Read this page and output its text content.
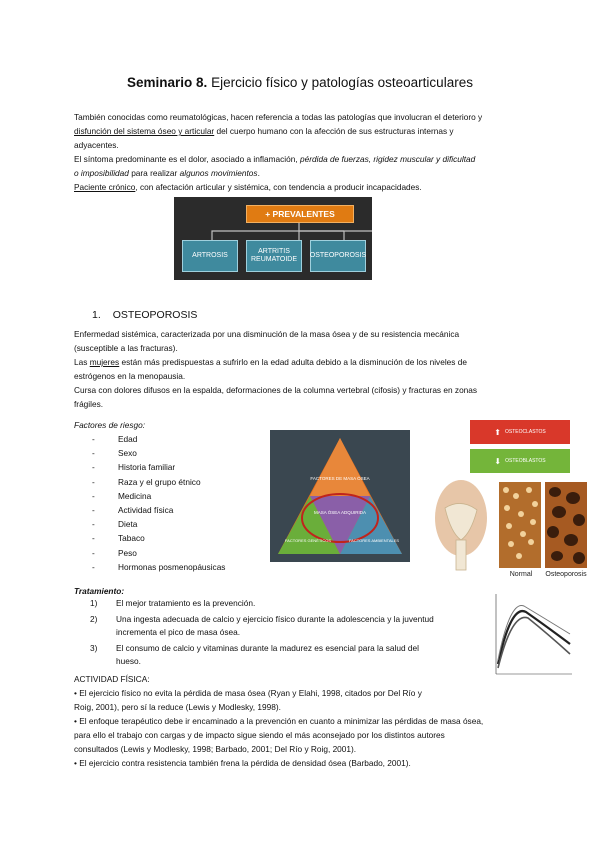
Seminario 8. Ejercicio físico y patologías osteoarticulares
También conocidas como reumatológicas, hacen referencia a todas las patologías que involucran el deterioro y
disfunción del sistema óseo y articular del cuerpo humano con la afección de sus estructuras internas y
adyacentes.
El síntoma predominante es el dolor, asociado a inflamación, pérdida de fuerzas, rigidez muscular y dificultad
o imposibilidad para realizar algunos movimientos.
Paciente crónico, con afectación articular y sistémica, con tendencia a producir incapacidades.
+ PREVALENTES
ARTROSIS
ARTRITIS REUMATOIDE
OSTEOPOROSIS
1. OSTEOPOROSIS
Enfermedad sistémica, caracterizada por una disminución de la masa ósea y de su resistencia mecánica
(susceptible a las fracturas).
Las mujeres están más predispuestas a sufrirlo en la edad adulta debido a la disminución de los niveles de
estrógenos en la menopausia.
Cursa con dolores difusos en la espalda, deformaciones de la columna vertebral (cifosis) y fracturas en zonas
frágiles.
Factores de riesgo:
- Edad
- Sexo
- Historia familiar
- Raza y el grupo étnico
- Medicina
- Actividad física
- Dieta
- Tabaco
- Peso
- Hormonas posmenopáusicas
FACTORES DE MASA ÓSEA
MASA ÓSEA ADQUIRIDA
FACTORES GENÉTICOS	FACTORES AMBIENTALES
⬆ OSTEOCLASTOS
⬇ OSTEOBLASTOS
Normal Osteoporosis
Tratamiento:
1) El mejor tratamiento es la prevención.
2) Una ingesta adecuada de calcio y ejercicio físico durante la adolescencia y la juventud
incrementa el pico de masa ósea.
3) El consumo de calcio y vitaminas durante la madurez es esencial para la salud del
hueso.
ACTIVIDAD FÍSICA:
• El ejercicio físico no evita la pérdida de masa ósea (Ryan y Elahi, 1998, citados por Del Río y
Roig, 2001), pero sí la reduce (Lewis y Modlesky, 1998).
• El enfoque terapéutico debe ir encaminado a la prevención en cuanto a minimizar las pérdidas de masa ósea,
para ello el trabajo con cargas y de impacto sigue siendo el más aconsejado por los distintos autores
consultados (Lewis y Modlesky, 1998; Barbado, 2001; Del Río y Roig, 2001).
• El ejercicio contra resistencia también frena la pérdida de densidad ósea (Barbado, 2001).
